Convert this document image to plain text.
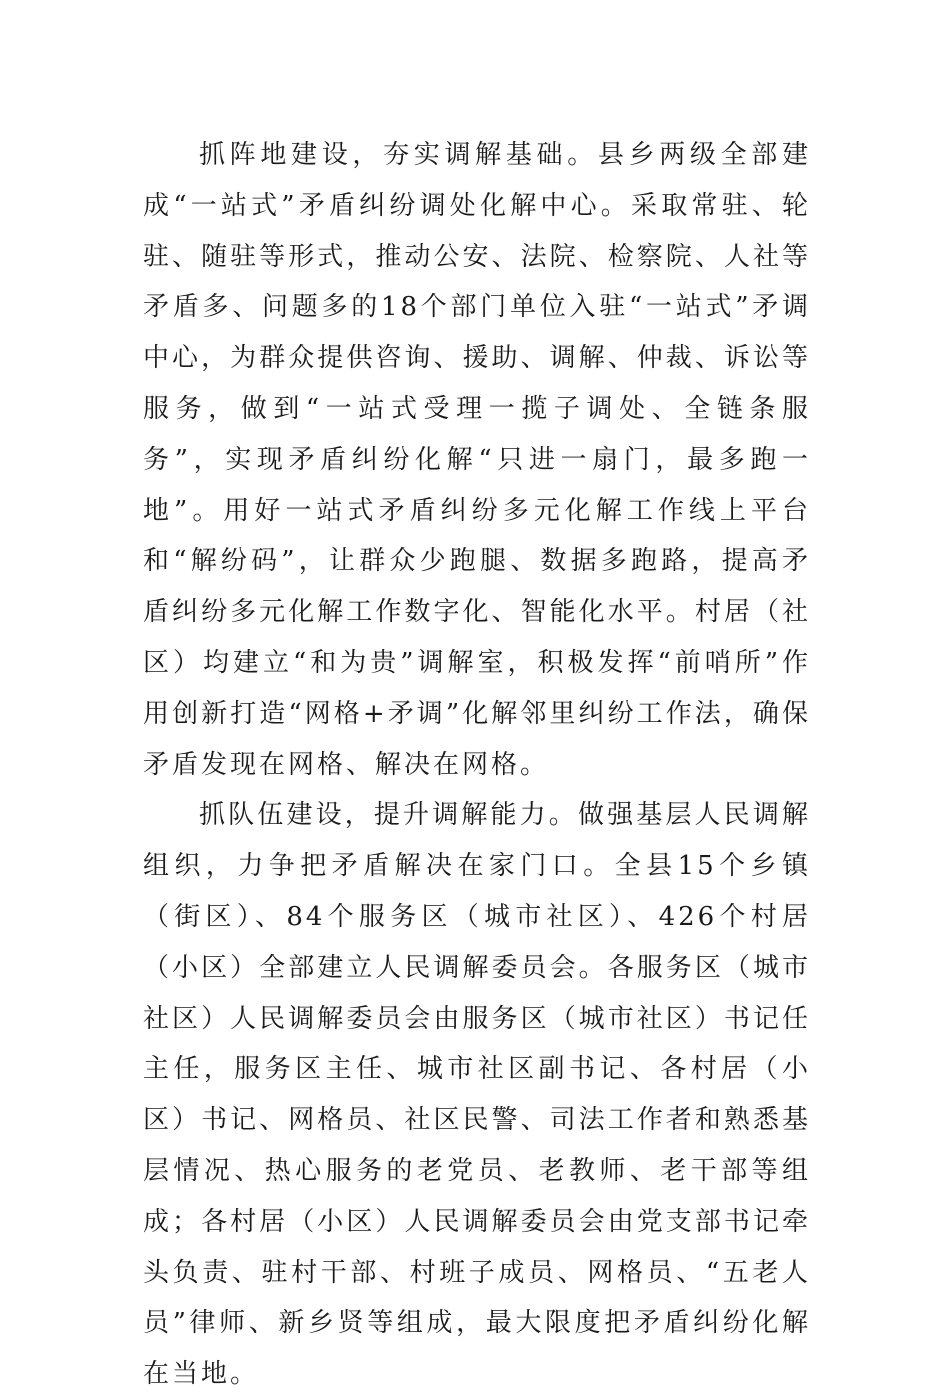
抓阵地建设，夯实调解基础。县乡两级全部建成“一站式”矛盾纠纷调处化解中心。采取常驻、轮驻、随驻等形式，推动公安、法院、检察院、人社等矛盾多、问题多的18个部门单位入驻“一站式”矛调中心，为群众提供咨询、援助、调解、仲裁、诉讼等服务，做到“一站式受理一揽子调处、全链条服务”，实现矛盾纠纷化解“只进一扇门，最多跑一地”。用好一站式矛盾纠纷多元化解工作线上平台和“解纷码”，让群众少跑腿、数据多跑路，提高矛盾纠纷多元化解工作数字化、智能化水平。村居（社区）均建立“和为贵”调解室，积极发挥“前哨所”作用创新打造“网格+矛调”化解邻里纠纷工作法，确保矛盾发现在网格、解决在网格。

抓队伍建设，提升调解能力。做强基层人民调解组织，力争把矛盾解决在家门口。全县15个乡镇（街区）、84个服务区（城市社区）、426个村居（小区）全部建立人民调解委员会。各服务区（城市社区）人民调解委员会由服务区（城市社区）书记任主任，服务区主任、城市社区副书记、各村居（小区）书记、网格员、社区民警、司法工作者和熟悉基层情况、热心服务的老党员、老教师、老干部等组成；各村居（小区）人民调解委员会由党支部书记牵头负责、驻村干部、村班子成员、网格员、“五老人员”律师、新乡贤等组成，最大限度把矛盾纠纷化解在当地。
